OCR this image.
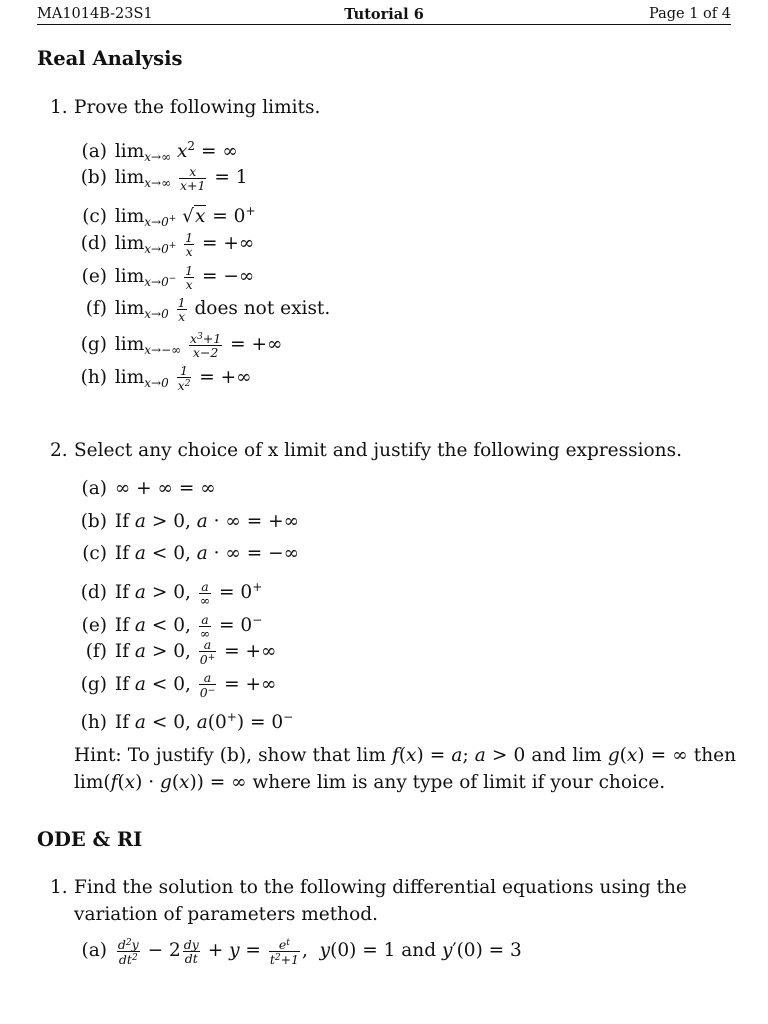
MA1014B-23S1	Tutorial 6	Page 1 of 4
Real Analysis
1. Prove the following limits.
(a) $\lim_{x\to\infty} x^2$ = ∞
(b) $\lim_{x\to\infty} \frac{x}{x+1} = 1$
(c) $\lim_{x\to 0^+} √x = 0^+$
(d) $\lim_{x\to 0^+} \frac{1}{x}$ = +∞
(e) $\lim_{x\to 0^-} \frac{1}{x}$ = −∞
(f) $\lim_{x\to 0} \frac{1}{x}$ does not exist.
(g) $\lim_{x\to-\infty} \frac{x^3+1}{x-2}$ = +∞
(h) $\lim_{x\to 0} \frac{1}{x^2}$ = +∞
2. Select any choice of x limit and justify the following expressions.
(a) ∞ + ∞ = ∞
(b) If a > 0, a · ∞ = +∞
(c) If a < 0, a · ∞ = −∞
(d) If a > 0, $\frac{a}{\infty} = 0^+$
(e) If a < 0, $\frac{a}{\infty} = 0^-$
(f) If a > 0, $\frac{a}{0^+}$ = +∞
(g) If a < 0, $\frac{a}{0^-}$ = +∞
(h) If a < 0, a(0+) = 0−
Hint: To justify (b), show that lim f(x) = a; a > 0 and lim g(x) = ∞ then lim(f(x) · g(x)) = ∞ where lim is any type of limit if your choice.
ODE & RI
1. Find the solution to the following differential equations using the variation of parameters method.
$(a) \frac{d^2y}{dt^2} - 2 \frac{dy}{dt} + y = \frac{e^t}{t^2+1}$ ,  y(0) = 1 and y′(0) = 3
